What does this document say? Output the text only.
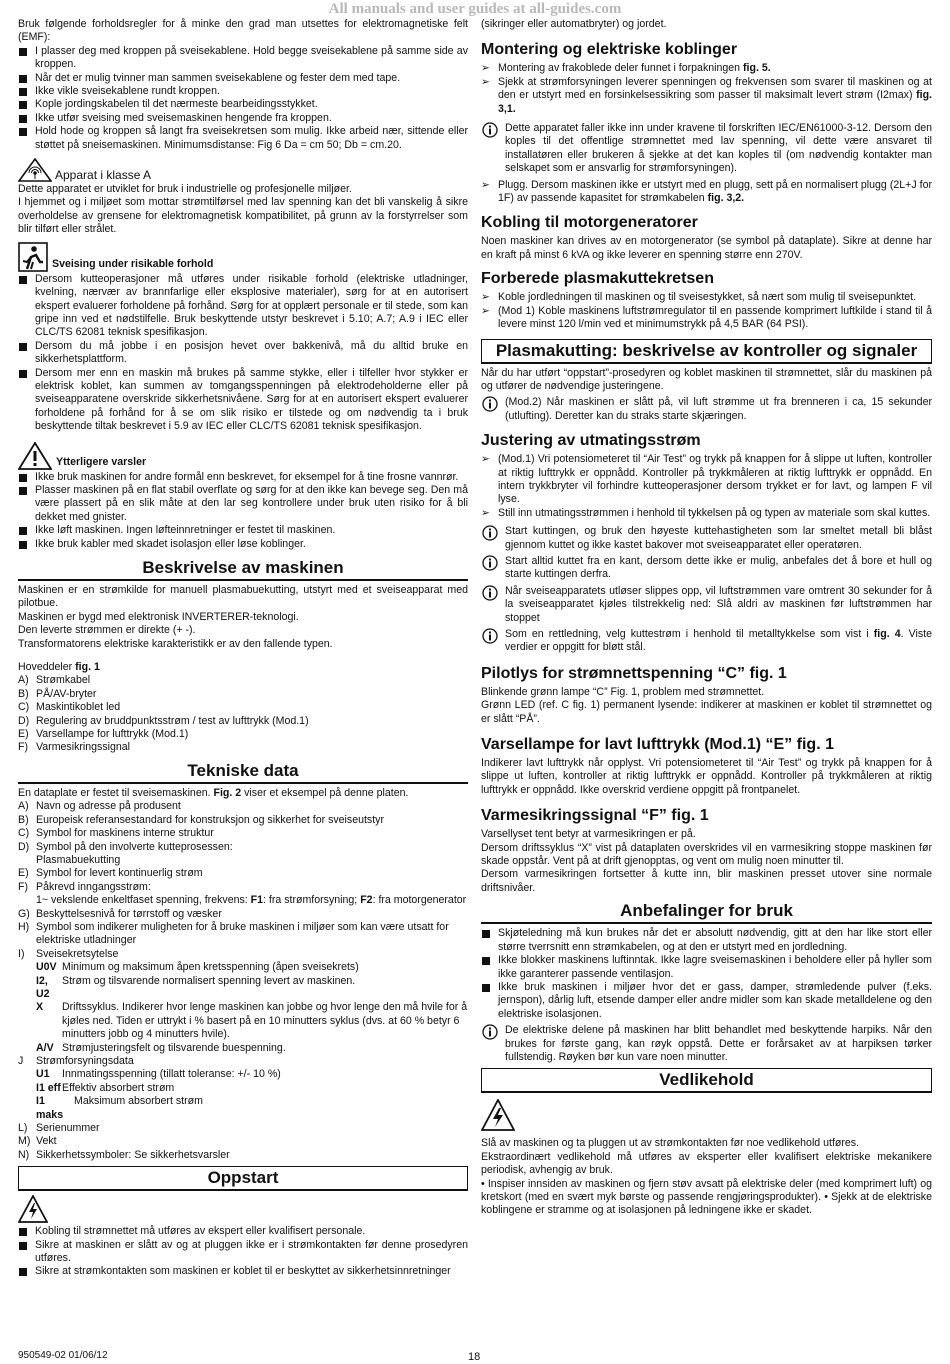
All manuals and user guides at all-guides.com

Bruk følgende forholdsregler for å minke den grad man utsettes for elektromagnetiske felt (EMF):

I plasser deg med kroppen på sveisekablene. Hold begge sveisekablene på samme side av kroppen.
Når det er mulig tvinner man sammen sveisekablene og fester dem med tape.
Ikke vikle sveisekablene rundt kroppen.
Kople jordingskabelen til det nærmeste bearbeidingsstykket.
Ikke utfør sveising med sveisemaskinen hengende fra kroppen.
Hold hode og kroppen så langt fra sveisekretsen som mulig. Ikke arbeid nær, sittende eller støttet på sneisemaskinen. Minimumsdistanse: Fig 6 Da = cm 50; Db = cm.20.
Apparat i klasse A

Dette apparatet er utviklet for bruk i industrielle og profesjonelle miljøer.

I hjemmet og i miljøet som mottar strømtilførsel med lav spenning kan det bli vanskelig å sikre overholdelse av grensene for elektromagnetisk kompatibilitet, på grunn av la forstyrrelser som blir tilført eller strålet.

Sveising under risikable forhold
Dersom kutteoperasjoner må utføres under risikable forhold (elektriske utladninger, kvelning, nærvær av brannfarlige eller eksplosive materialer), sørg for at en autorisert ekspert evaluerer forholdene på forhånd. Sørg for at opplært personale er til stede, som kan gripe inn ved et nødstilfelle. Bruk beskyttende utstyr beskrevet i 5.10; A.7; A.9 i IEC eller CLC/TS 62081 teknisk spesifikasjon.
Dersom du må jobbe i en posisjon hevet over bakkenivå, må du alltid bruke en sikkerhetsplattform.
Dersom mer enn en maskin må brukes på samme stykke, eller i tilfeller hvor stykker er elektrisk koblet, kan summen av tomgangsspenningen på elektrodeholderne eller på sveiseapparatene overskride sikkerhetsnivåene. Sørg for at en autorisert ekspert evaluerer forholdene på forhånd for å se om slik risiko er tilstede og om nødvendig ta i bruk beskyttende tiltak beskrevet i 5.9 av IEC eller CLC/TS 62081 teknisk spesifikasjon.
Ytterligere varsler
Ikke bruk maskinen for andre formål enn beskrevet, for eksempel for å tine frosne vannrør.
Plasser maskinen på en flat stabil overflate og sørg for at den ikke kan bevege seg. Den må være plassert på en slik måte at den lar seg kontrollere under bruk uten risiko for å bli dekket med gnister.
Ikke løft maskinen. Ingen løfteinnretninger er festet til maskinen.
Ikke bruk kabler med skadet isolasjon eller løse koblinger.
Beskrivelse av maskinen

Maskinen er en strømkilde for manuell plasmabuekutting, utstyrt med et sveiseapparat med pilotbue.

Maskinen er bygd med elektronisk INVERTERER-teknologi.

Den leverte strømmen er direkte (+ -).

Transformatorens elektriske karakteristikk er av den fallende typen.

Hoveddeler fig. 1

A) Strømkabel
B) PÅ/AV-bryter
C) Maskintikoblet led
D) Regulering av bruddpunktsstrøm / test av lufttrykk (Mod.1)
E) Varsellampe for lufttrykk (Mod.1)
F) Varmesikringssignal
Tekniske data

En dataplate er festet til sveisemaskinen. Fig. 2 viser et eksempel på denne platen.

A) Navn og adresse på produsent
B) Europeisk referansestandard for konstruksjon og sikkerhet for sveiseutstyr
C) Symbol for maskinens interne struktur
D) Symbol på den involverte kutteprosessen:
Plasmabuekutting
E) Symbol for levert kontinuerlig strøm
F) Påkrevd inngangsstrøm:
1~ vekslende enkeltfaset spenning, frekvens: F1: fra strømforsyning; F2: fra motorgenerator
G) Beskyttelsesnivå for tørrstoff og væsker
H) Symbol som indikerer muligheten for å bruke maskinen i miljøer som kan være utsatt for elektriske utladninger
I)	Sveisekretsytelse
U0V Minimum og maksimum åpen kretsspenning (åpen sveisekrets)
I2, U2
Strøm og tilsvarende normalisert spenning levert av maskinen.
X	Driftssyklus. Indikerer hvor lenge maskinen kan jobbe og hvor lenge den må hvile for å kjøles ned. Tiden er uttrykt i % basert på en 10 minutters syklus (dvs. at 60 % betyr 6 minutters jobb og 4 minutters hvile).
A/V Strømjusteringsfelt og tilsvarende buespenning.
J	Strømforsyningsdata
U1	Innmatingsspenning (tillatt toleranse: +/- 10 %)
I1 eff Effektiv absorbert strøm
I1 maks
Maksimum absorbert strøm
L) Serienummer
M) Vekt
N) Sikkerhetssymboler: Se sikkerhetsvarsler
Oppstart
Kobling til strømnettet må utføres av ekspert eller kvalifisert personale.
Sikre at maskinen er slått av og at pluggen ikke er i strømkontakten før denne prosedyren utføres.
Sikre at strømkontakten som maskinen er koblet til er beskyttet av sikkerhetsinnretninger

(sikringer eller automatbryter) og jordet.

Montering og elektriske koblinger
➢ Montering av frakoblede deler funnet i forpakningen fig. 5.
➢ Sjekk at strømforsyningen leverer spenningen og frekvensen som svarer til maskinen og at den er utstyrt med en forsinkelsessikring som passer til maksimalt levert strøm (I2max) fig. 3,1.
Dette apparatet faller ikke inn under kravene til forskriften IEC/EN61000-3-12. Dersom den koples til det offentlige strømnettet med lav spenning, vil dette være ansvaret til installatøren eller brukeren å sjekke at det kan koples til (om nødvendig kontakter man selskapet som er ansvarlig for strømforsyningen).
➢ Plugg. Dersom maskinen ikke er utstyrt med en plugg, sett på en normalisert plugg (2L+J for 1F) av passende kapasitet for strømkabelen fig. 3,2.
Kobling til motorgeneratorer

Noen maskiner kan drives av en motorgenerator (se symbol på dataplate). Sikre at denne har en kraft på minst 6 kVA og ikke leverer en spenning større enn 270V.

Forberede plasmakuttekretsen
➢ Koble jordledningen til maskinen og til sveisestykket, så nært som mulig til sveisepunktet.
➢ (Mod 1) Koble maskinens luftstrømregulator til en passende komprimert luftkilde i stand til å levere minst 120 l/min ved et minimumstrykk på 4,5 BAR (64 PSI).
Plasmakutting: beskrivelse av kontroller og signaler

Når du har utført “oppstart”-prosedyren og koblet maskinen til strømnettet, slår du maskinen på og utfører de nødvendige justeringene.

(Mod.2) Når maskinen er slått på, vil luft strømme ut fra brenneren i ca, 15 sekunder (utlufting). Deretter kan du straks starte skjæringen.
Justering av utmatingsstrøm
➢ (Mod.1) Vri potensiometeret til “Air Test” og trykk på knappen for å slippe ut luften, kontroller at riktig lufttrykk er oppnådd. Kontroller på trykkmåleren at riktig lufttrykk er oppnådd. En intern trykkbryter vil forhindre kutteoperasjoner dersom trykket er for lavt, og lampen F vil lyse.
➢ Still inn utmatingsstrømmen i henhold til tykkelsen på og typen av materiale som skal kuttes.
Start kuttingen, og bruk den høyeste kuttehastigheten som lar smeltet metall bli blåst gjennom kuttet og ikke kastet bakover mot sveiseapparatet eller operatøren.
Start alltid kuttet fra en kant, dersom dette ikke er mulig, anbefales det å bore et hull og starte kuttingen derfra.
Når sveiseapparatets utløser slippes opp, vil luftstrømmen vare omtrent 30 sekunder for å la sveiseapparatet kjøles tilstrekkelig ned: Slå aldri av maskinen før luftstrømmen har stoppet
Som en rettledning, velg kuttestrøm i henhold til metalltykkelse som vist i fig. 4. Viste verdier er oppgitt for bløtt stål.
Pilotlys for strømnettspenning “C” fig. 1

Blinkende grønn lampe “C” Fig. 1, problem med strømnettet.

Grønn LED (ref. C fig. 1) permanent lysende: indikerer at maskinen er koblet til strømnettet og er slått “PÅ”.

Varsellampe for lavt lufttrykk (Mod.1) “E” fig. 1

Indikerer lavt lufttrykk når opplyst. Vri potensiometeret til “Air Test” og trykk på knappen for å slippe ut luften, kontroller at riktig lufttrykk er oppnådd. Kontroller på trykkmåleren at riktig lufttrykk er oppnådd. Ikke overskrid verdiene oppgitt på frontpanelet.

Varmesikringssignal “F” fig. 1

Varsellyset tent betyr at varmesikringen er på.

Dersom driftssyklus “X” vist på dataplaten overskrides vil en varmesikring stoppe maskinen før skade oppstår. Vent på at drift gjenopptas, og vent om mulig noen minutter til.

Dersom varmesikringen fortsetter å kutte inn, blir maskinen presset utover sine normale driftsnivåer.

Anbefalinger for bruk
Skjøteledning må kun brukes når det er absolutt nødvendig, gitt at den har like stort eller større tverrsnitt enn strømkabelen, og at den er utstyrt med en jordledning.
Ikke blokker maskinens luftinntak. Ikke lagre sveisemaskinen i beholdere eller på hyller som ikke garanterer passende ventilasjon.
Ikke bruk maskinen i miljøer hvor det er gass, damper, strømledende pulver (f.eks. jernspon), dårlig luft, etsende damper eller andre midler som kan skade metalldelene og den elektriske isolasjonen.
De elektriske delene på maskinen har blitt behandlet med beskyttende harpiks. Når den brukes for første gang, kan røyk oppstå. Dette er forårsaket av at harpiksen tørker fullstendig. Røyken bør kun vare noen minutter.
Vedlikehold

Slå av maskinen og ta pluggen ut av strømkontakten før noe vedlikehold utføres.

Ekstraordinært vedlikehold må utføres av eksperter eller kvalifisert elektriske mekanikere periodisk, avhengig av bruk.

• Inspiser innsiden av maskinen og fjern støv avsatt på elektriske deler (med komprimert luft) og kretskort (med en svært myk børste og passende rengjøringsprodukter). • Sjekk at de elektriske koblingene er stramme og at isolasjonen på ledningene ikke er skadet.

950549-02 01/06/12	18
